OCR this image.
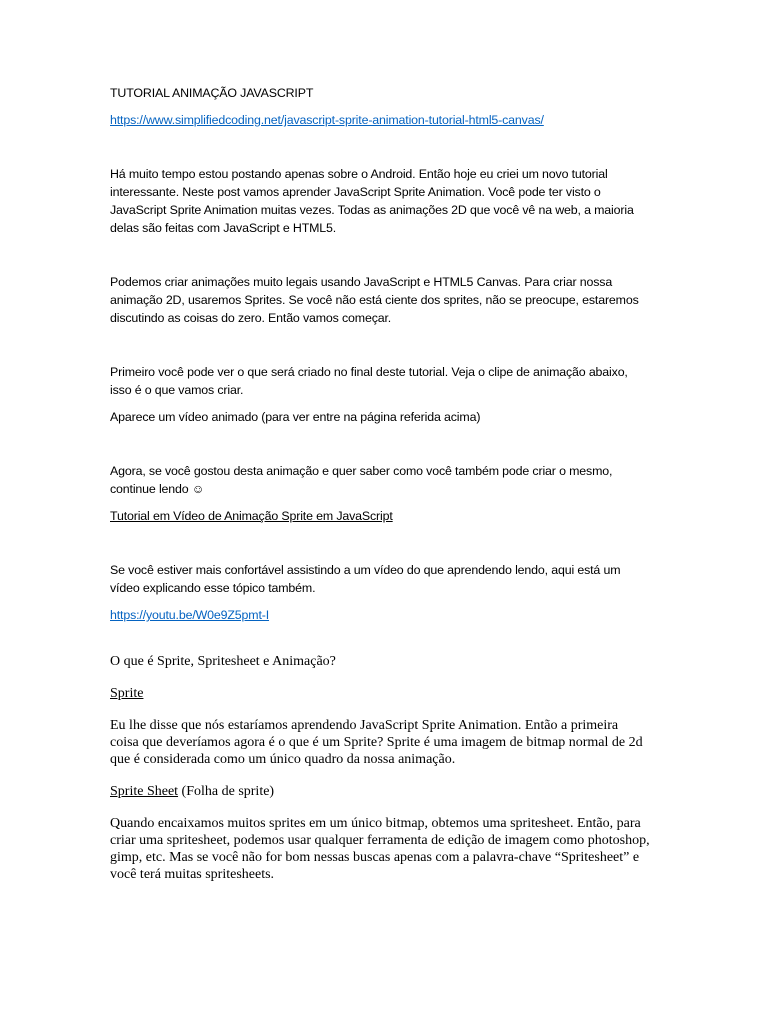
TUTORIAL ANIMAÇÃO JAVASCRIPT

https://www.simplifiedcoding.net/javascript-sprite-animation-tutorial-html5-canvas/

Há muito tempo estou postando apenas sobre o Android. Então hoje eu criei um novo tutorial interessante. Neste post vamos aprender JavaScript Sprite Animation. Você pode ter visto o JavaScript Sprite Animation muitas vezes. Todas as animações 2D que você vê na web, a maioria delas são feitas com JavaScript e HTML5.

Podemos criar animações muito legais usando JavaScript e HTML5 Canvas. Para criar nossa animação 2D, usaremos Sprites. Se você não está ciente dos sprites, não se preocupe, estaremos discutindo as coisas do zero. Então vamos começar.

Primeiro você pode ver o que será criado no final deste tutorial. Veja o clipe de animação abaixo, isso é o que vamos criar.

Aparece um vídeo animado (para ver entre na página referida acima)

Agora, se você gostou desta animação e quer saber como você também pode criar o mesmo, continue lendo ☺

Tutorial em Vídeo de Animação Sprite em JavaScript

Se você estiver mais confortável assistindo a um vídeo do que aprendendo lendo, aqui está um vídeo explicando esse tópico também.

https://youtu.be/W0e9Z5pmt-I

O que é Sprite, Spritesheet e Animação?

Sprite

Eu lhe disse que nós estaríamos aprendendo JavaScript Sprite Animation. Então a primeira coisa que deveríamos agora é o que é um Sprite? Sprite é uma imagem de bitmap normal de 2d que é considerada como um único quadro da nossa animação.

Sprite Sheet (Folha de sprite)

Quando encaixamos muitos sprites em um único bitmap, obtemos uma spritesheet. Então, para criar uma spritesheet, podemos usar qualquer ferramenta de edição de imagem como photoshop, gimp, etc. Mas se você não for bom nessas buscas apenas com a palavra-chave “Spritesheet” e você terá muitas spritesheets.
